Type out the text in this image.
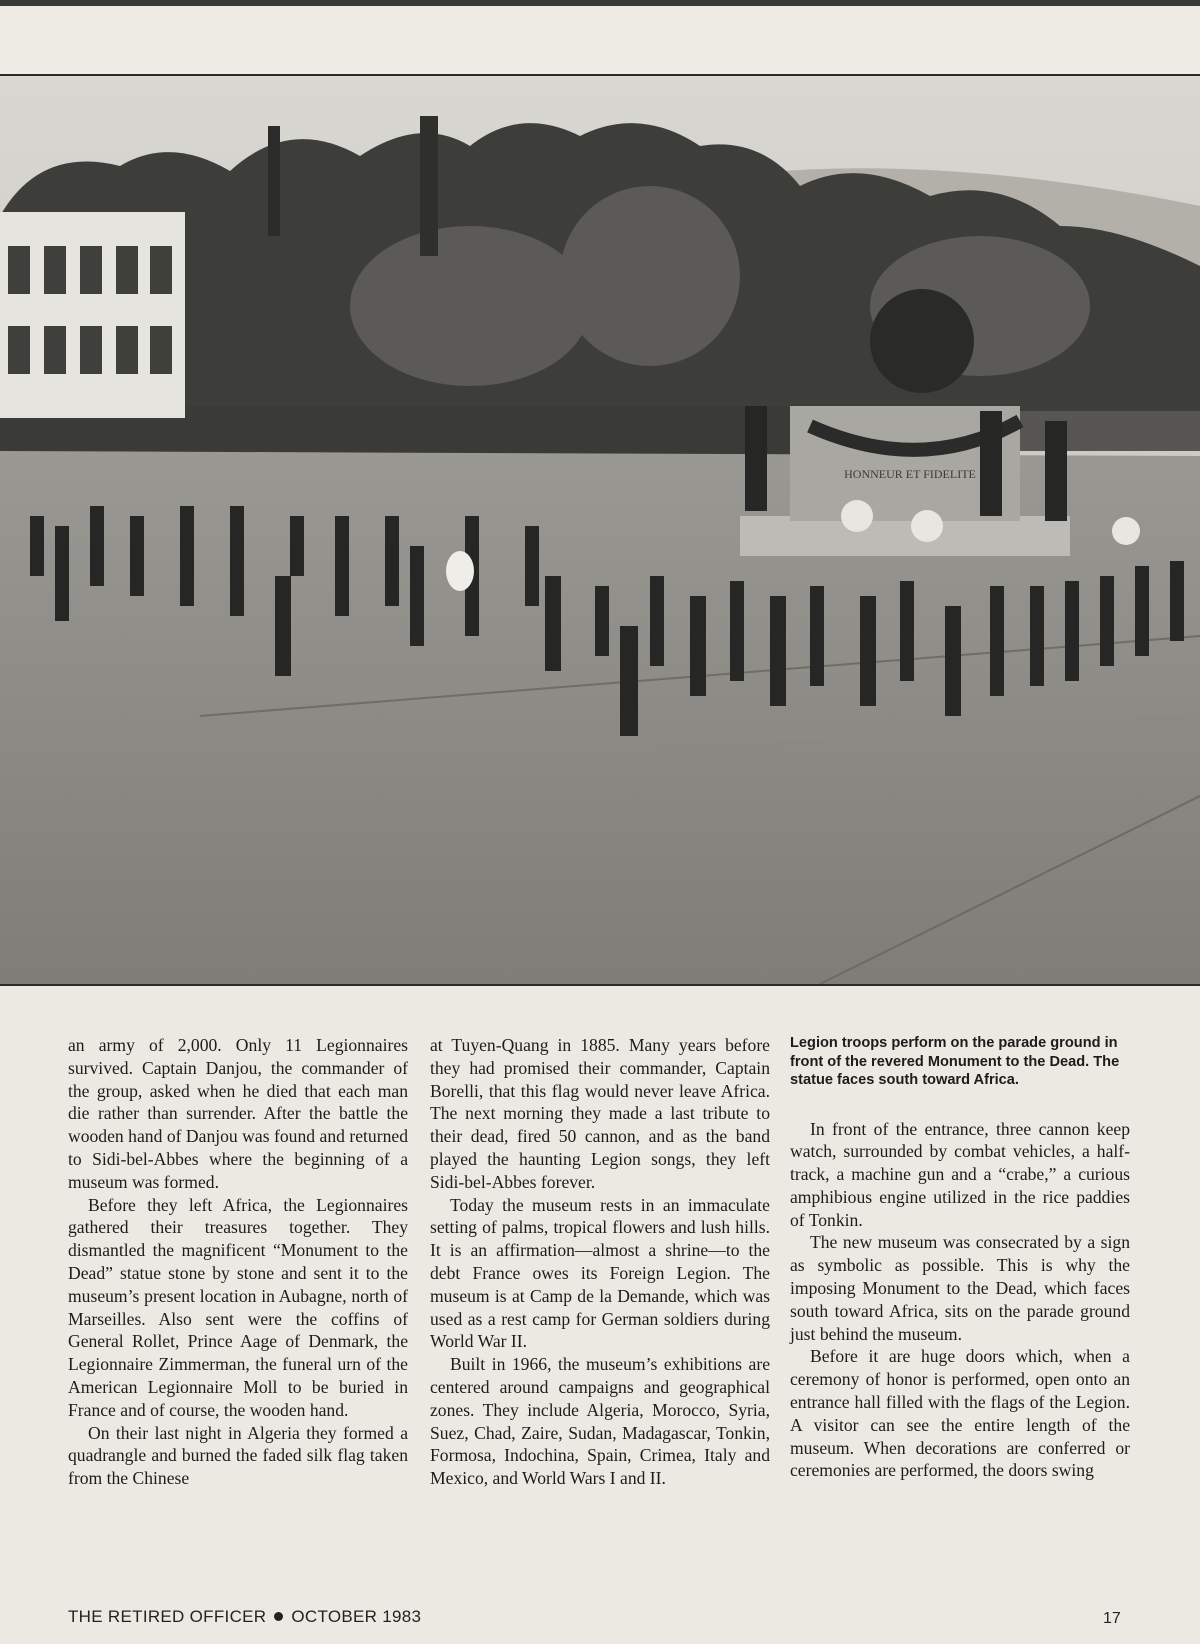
HONNEUR ET FIDELITE

an army of 2,000. Only 11 Legionnaires survived. Captain Danjou, the commander of the group, asked when he died that each man die rather than surrender. After the battle the wooden hand of Danjou was found and returned to Sidi-bel-Abbes where the beginning of a museum was formed.

Before they left Africa, the Legionnaires gathered their treasures together. They dismantled the magnificent “Monument to the Dead” statue stone by stone and sent it to the museum’s present location in Aubagne, north of Marseilles. Also sent were the coffins of General Rollet, Prince Aage of Denmark, the Legionnaire Zimmerman, the funeral urn of the American Legionnaire Moll to be buried in France and of course, the wooden hand.

On their last night in Algeria they formed a quadrangle and burned the faded silk flag taken from the Chinese

at Tuyen-Quang in 1885. Many years before they had promised their commander, Captain Borelli, that this flag would never leave Africa. The next morning they made a last tribute to their dead, fired 50 cannon, and as the band played the haunting Legion songs, they left Sidi-bel-Abbes forever.

Today the museum rests in an immaculate setting of palms, tropical flowers and lush hills. It is an affirmation—almost a shrine—to the debt France owes its Foreign Legion. The museum is at Camp de la Demande, which was used as a rest camp for German soldiers during World War II.

Built in 1966, the museum’s exhibitions are centered around campaigns and geographical zones. They include Algeria, Morocco, Syria, Suez, Chad, Zaire, Sudan, Madagascar, Tonkin, Formosa, Indochina, Spain, Crimea, Italy and Mexico, and World Wars I and II.

Legion troops perform on the parade ground in front of the revered Monument to the Dead. The statue faces south toward Africa.

In front of the entrance, three cannon keep watch, surrounded by combat vehicles, a half-track, a machine gun and a “crabe,” a curious amphibious engine utilized in the rice paddies of Tonkin.

The new museum was consecrated by a sign as symbolic as possible. This is why the imposing Monument to the Dead, which faces south toward Africa, sits on the parade ground just behind the museum.

Before it are huge doors which, when a ceremony of honor is performed, open onto an entrance hall filled with the flags of the Legion. A visitor can see the entire length of the museum. When decorations are conferred or ceremonies are performed, the doors swing

THE RETIRED OFFICER OCTOBER 1983	17
